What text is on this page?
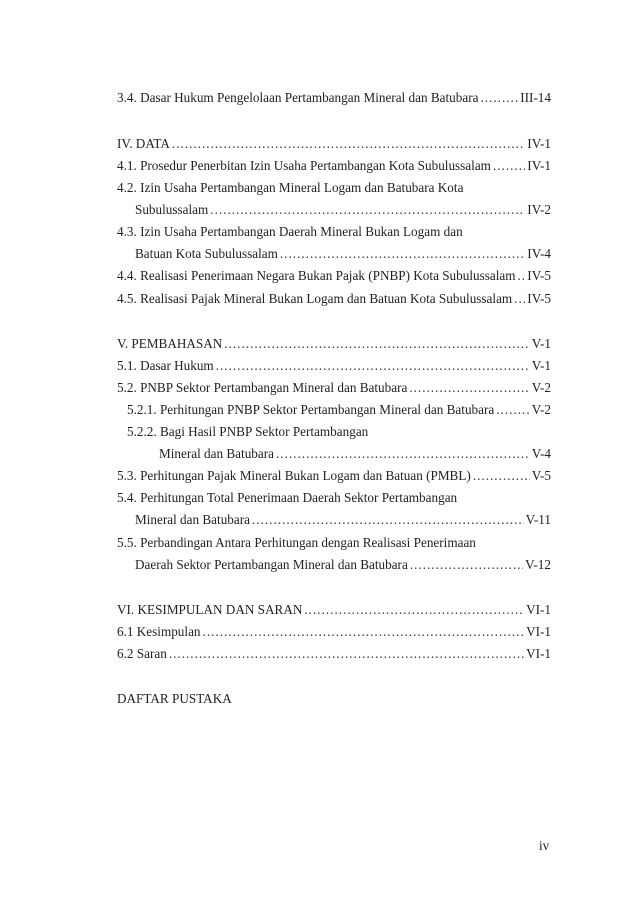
3.4. Dasar Hukum Pengelolaan Pertambangan Mineral dan Batubara .....	III-14
IV. DATA .....	IV-1
4.1. Prosedur Penerbitan Izin Usaha Pertambangan Kota Subulussalam .....	IV-1
4.2. Izin Usaha Pertambangan Mineral Logam dan Batubara Kota
Subulussalam .....	IV-2
4.3. Izin Usaha Pertambangan Daerah Mineral Bukan Logam dan
Batuan Kota Subulussalam .....	IV-4
4.4. Realisasi Penerimaan Negara Bukan Pajak (PNBP) Kota Subulussalam ..... IV-5
4.5. Realisasi Pajak Mineral Bukan Logam dan Batuan Kota Subulussalam ..... IV-5
V. PEMBAHASAN .....	V-1
5.1. Dasar Hukum .....	V-1
5.2. PNBP Sektor Pertambangan Mineral dan Batubara .....	V-2
5.2.1. Perhitungan PNBP Sektor Pertambangan Mineral dan Batubara .....	V-2
5.2.2. Bagi Hasil PNBP Sektor Pertambangan
Mineral dan Batubara .....	V-4
5.3. Perhitungan Pajak Mineral Bukan Logam dan Batuan (PMBL) .....	V-5
5.4. Perhitungan Total Penerimaan Daerah Sektor Pertambangan
Mineral dan Batubara .....	V-11
5.5. Perbandingan Antara Perhitungan dengan Realisasi Penerimaan
Daerah Sektor Pertambangan Mineral dan Batubara .....	V-12
VI. KESIMPULAN DAN SARAN .....	VI-1
6.1 Kesimpulan .....	VI-1
6.2 Saran .....	VI-1
DAFTAR PUSTAKA
iv
